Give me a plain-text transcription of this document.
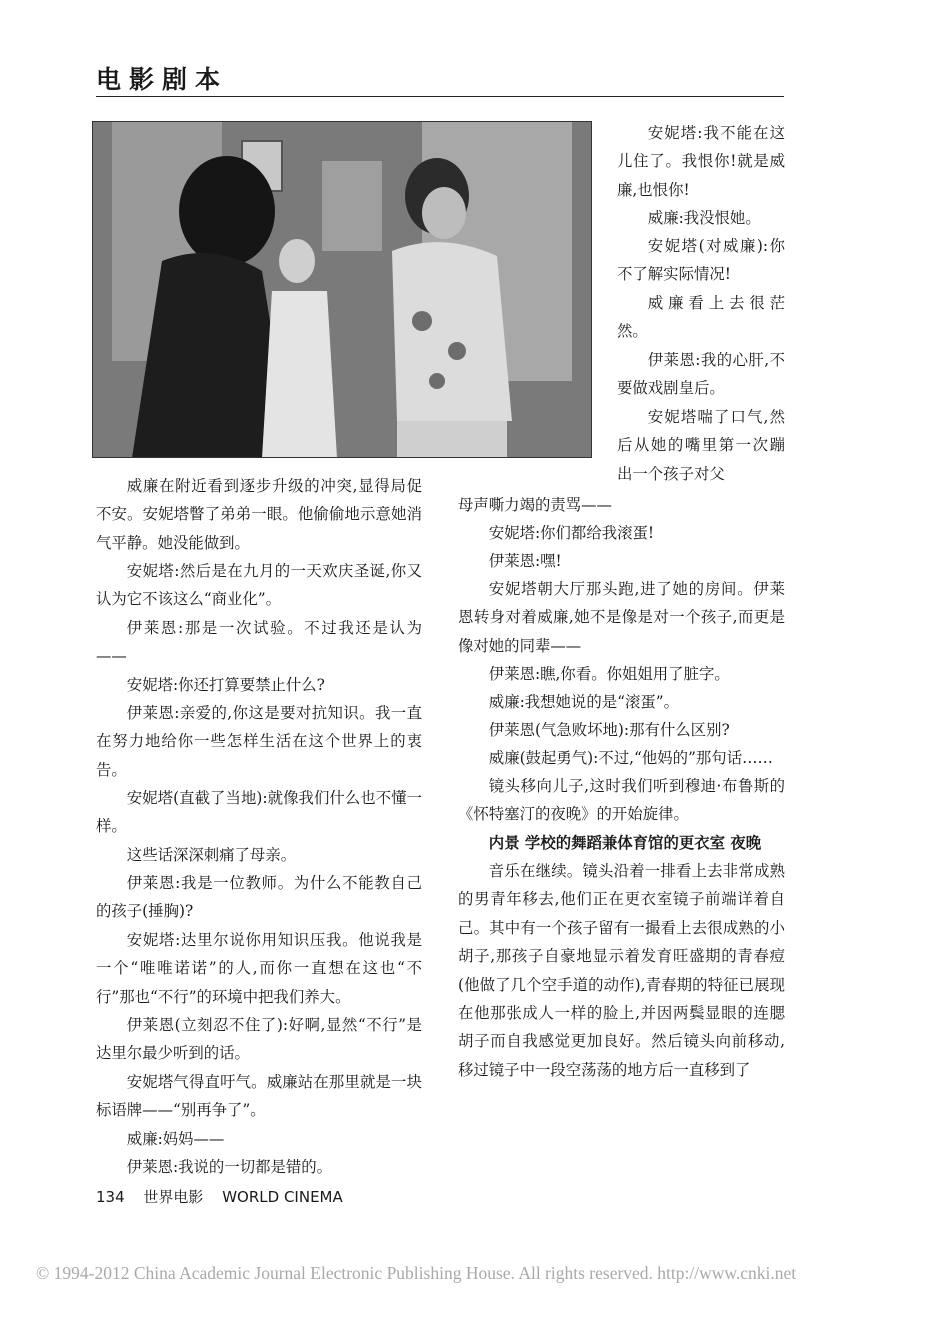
电影剧本

安妮塔:我不能在这儿住了。我恨你!就是威廉,也恨你!

威廉:我没恨她。

安妮塔(对威廉):你不了解实际情况!

威廉看上去很茫然。

伊莱恩:我的心肝,不要做戏剧皇后。

安妮塔喘了口气,然后从她的嘴里第一次蹦出一个孩子对父

威廉在附近看到逐步升级的冲突,显得局促不安。安妮塔瞥了弟弟一眼。他偷偷地示意她消气平静。她没能做到。

安妮塔:然后是在九月的一天欢庆圣诞,你又认为它不该这么“商业化”。

伊莱恩:那是一次试验。不过我还是认为——

安妮塔:你还打算要禁止什么?

伊莱恩:亲爱的,你这是要对抗知识。我一直在努力地给你一些怎样生活在这个世界上的衷告。

安妮塔(直截了当地):就像我们什么也不懂一样。

这些话深深刺痛了母亲。

伊莱恩:我是一位教师。为什么不能教自己的孩子(捶胸)?

安妮塔:达里尔说你用知识压我。他说我是一个“唯唯诺诺”的人,而你一直想在这也“不行”那也“不行”的环境中把我们养大。

伊莱恩(立刻忍不住了):好啊,显然“不行”是达里尔最少听到的话。

安妮塔气得直吁气。威廉站在那里就是一块标语牌——“别再争了”。

威廉:妈妈——

伊莱恩:我说的一切都是错的。

母声嘶力竭的责骂——

安妮塔:你们都给我滚蛋!

伊莱恩:嘿!

安妮塔朝大厅那头跑,进了她的房间。伊莱恩转身对着威廉,她不是像是对一个孩子,而更是像对她的同辈——

伊莱恩:瞧,你看。你姐姐用了脏字。

威廉:我想她说的是“滚蛋”。

伊莱恩(气急败坏地):那有什么区别?

威廉(鼓起勇气):不过,“他妈的”那句话……

镜头移向儿子,这时我们听到穆迪·布鲁斯的《怀特塞汀的夜晚》的开始旋律。

内景 学校的舞蹈兼体育馆的更衣室 夜晚

音乐在继续。镜头沿着一排看上去非常成熟的男青年移去,他们正在更衣室镜子前端详着自己。其中有一个孩子留有一撮看上去很成熟的小胡子,那孩子自豪地显示着发育旺盛期的青春痘(他做了几个空手道的动作),青春期的特征已展现在他那张成人一样的脸上,并因两鬓显眼的连腮胡子而自我感觉更加良好。然后镜头向前移动,移过镜子中一段空荡荡的地方后一直移到了

134 世界电影 WORLD CINEMA
© 1994-2012 China Academic Journal Electronic Publishing House. All rights reserved. http://www.cnki.net
